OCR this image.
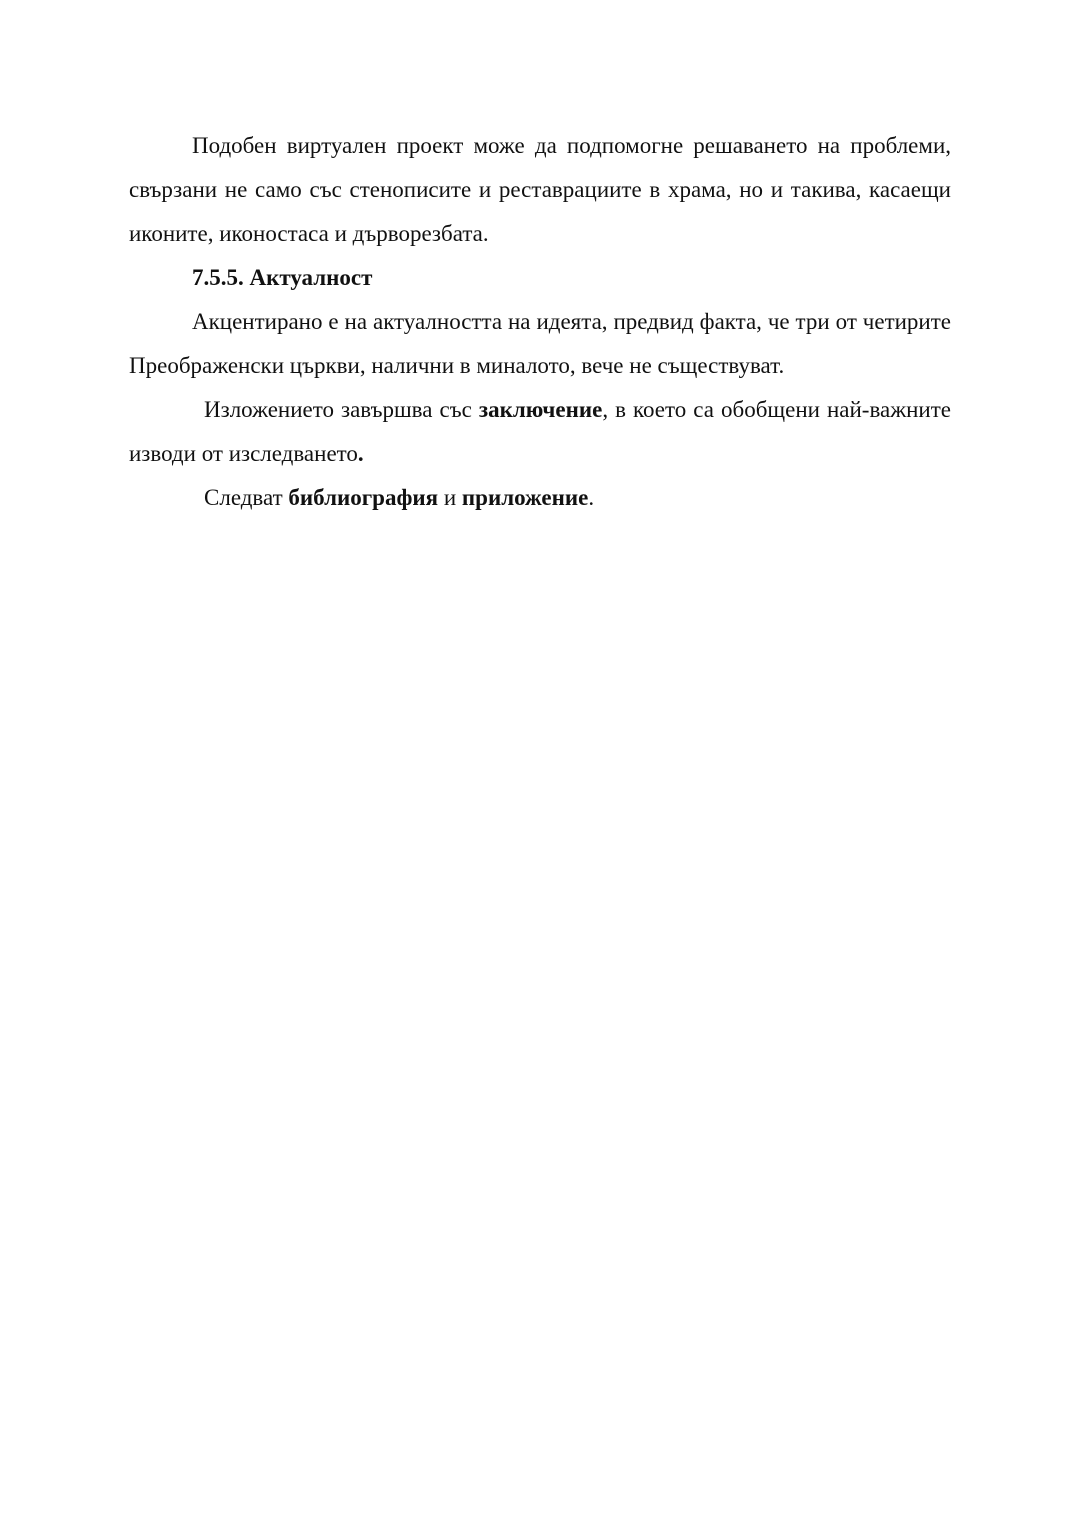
Подобен виртуален проект може да подпомогне решаването на проблеми, свързани не само със стенописите и реставрациите в храма, но и такива, касаещи иконите, иконостаса и дърворезбата.

7.5.5. Актуалност

Акцентирано е на актуалността на идеята, предвид факта, че три от четирите Преображенски църкви, налични в миналото, вече не съществуват.

Изложението завършва със заключение, в което са обобщени най-важните изводи от изследването.

Следват библиография и приложение.
